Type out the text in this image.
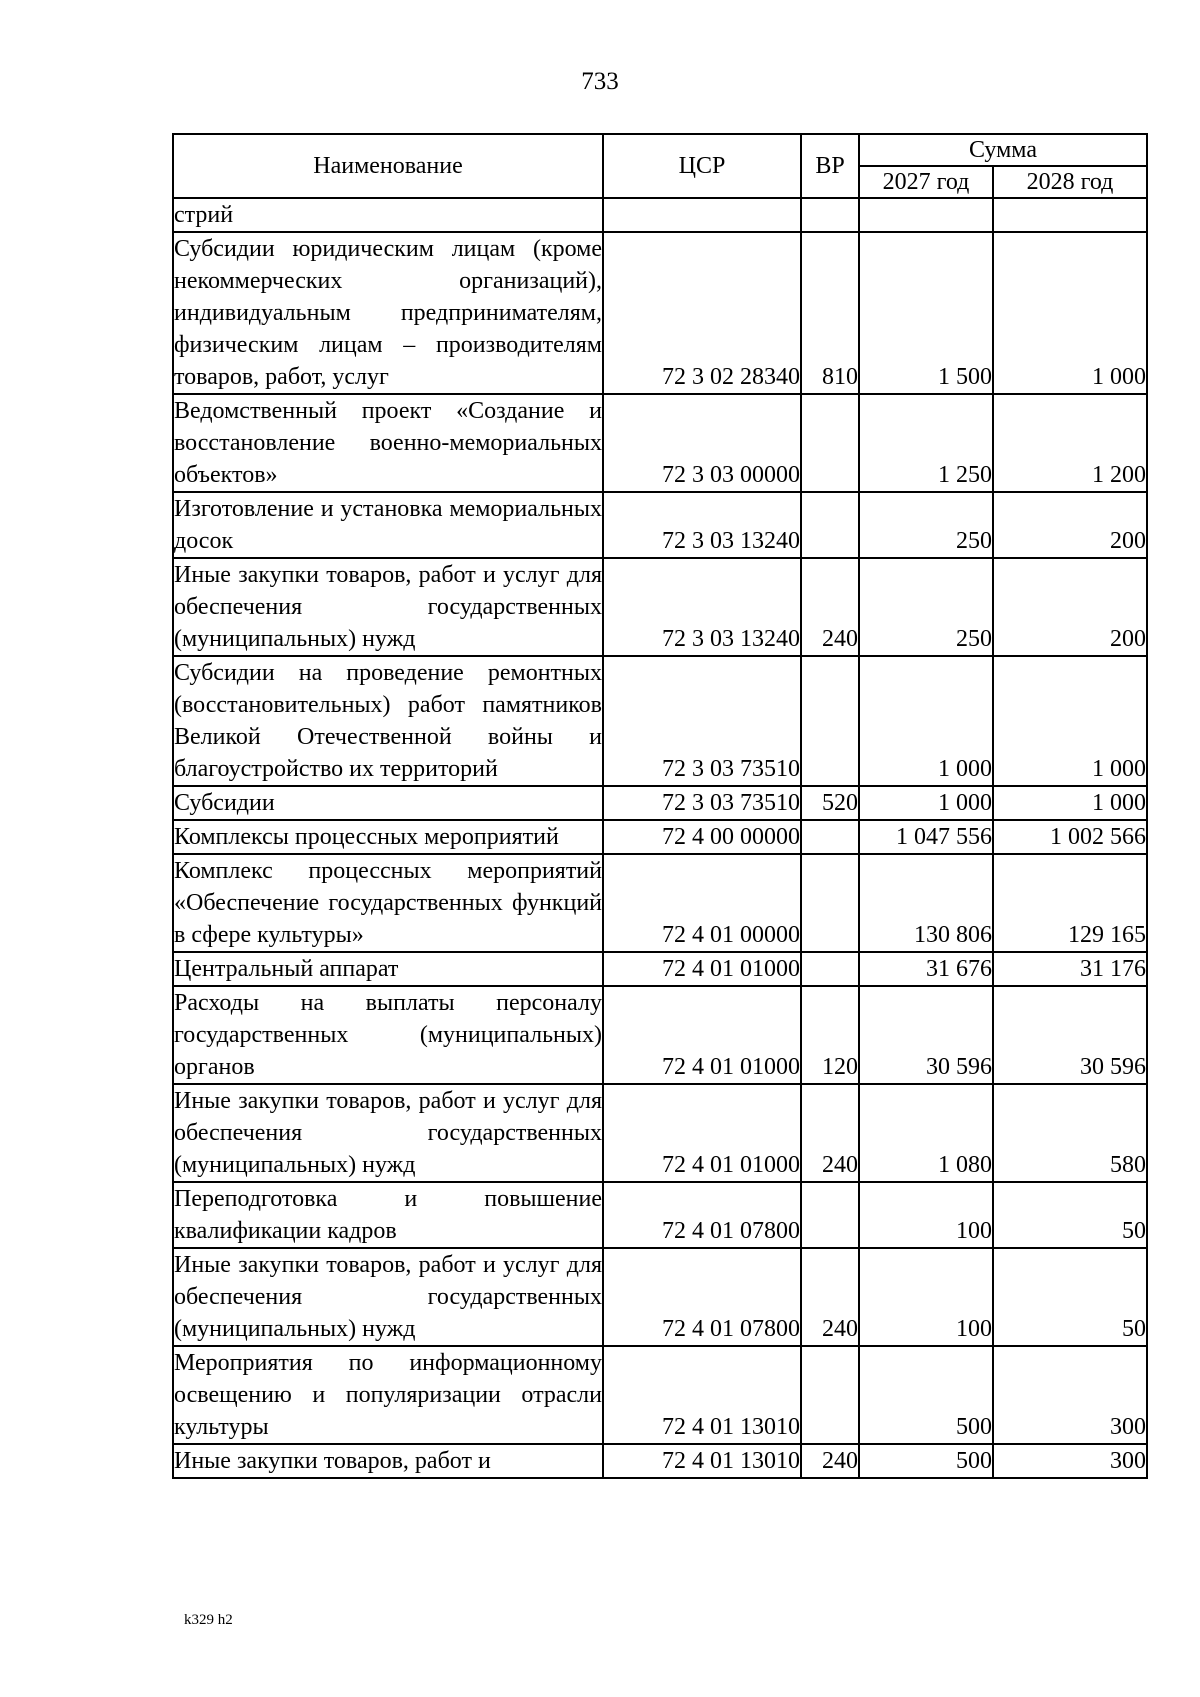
733
Наименование	ЦСР	ВР	Сумма	
			2027 год	2028 год
стрий				
Субсидии юридическим лицам (кроме некоммерческих организаций), индивидуальным предпринимателям, физическим лицам – производителям товаров, работ, услуг	72 3 02 28340	810	1 500	1 000
Ведомственный проект «Создание и восстановление военно-мемориальных объектов»	72 3 03 00000		1 250	1 200
Изготовление и установка мемориальных досок	72 3 03 13240		250	200
Иные закупки товаров, работ и услуг для обеспечения государственных (муниципальных) нужд	72 3 03 13240	240	250	200
Субсидии на проведение ремонтных (восстановительных) работ памятников Великой Отечественной войны и благоустройство их территорий	72 3 03 73510		1 000	1 000
Субсидии	72 3 03 73510	520	1 000	1 000
Комплексы процессных мероприятий	72 4 00 00000		1 047 556	1 002 566
Комплекс процессных мероприятий «Обеспечение государственных функций в сфере культуры»	72 4 01 00000		130 806	129 165
Центральный аппарат	72 4 01 01000		31 676	31 176
Расходы на выплаты персоналу государственных (муниципальных) органов	72 4 01 01000	120	30 596	30 596
Иные закупки товаров, работ и услуг для обеспечения государственных (муниципальных) нужд	72 4 01 01000	240	1 080	580
Переподготовка и повышение квалификации кадров	72 4 01 07800		100	50
Иные закупки товаров, работ и услуг для обеспечения государственных (муниципальных) нужд	72 4 01 07800	240	100	50
Мероприятия по информационному освещению и популяризации отрасли культуры	72 4 01 13010		500	300
Иные закупки товаров, работ и	72 4 01 13010	240	500	300
k329 h2
